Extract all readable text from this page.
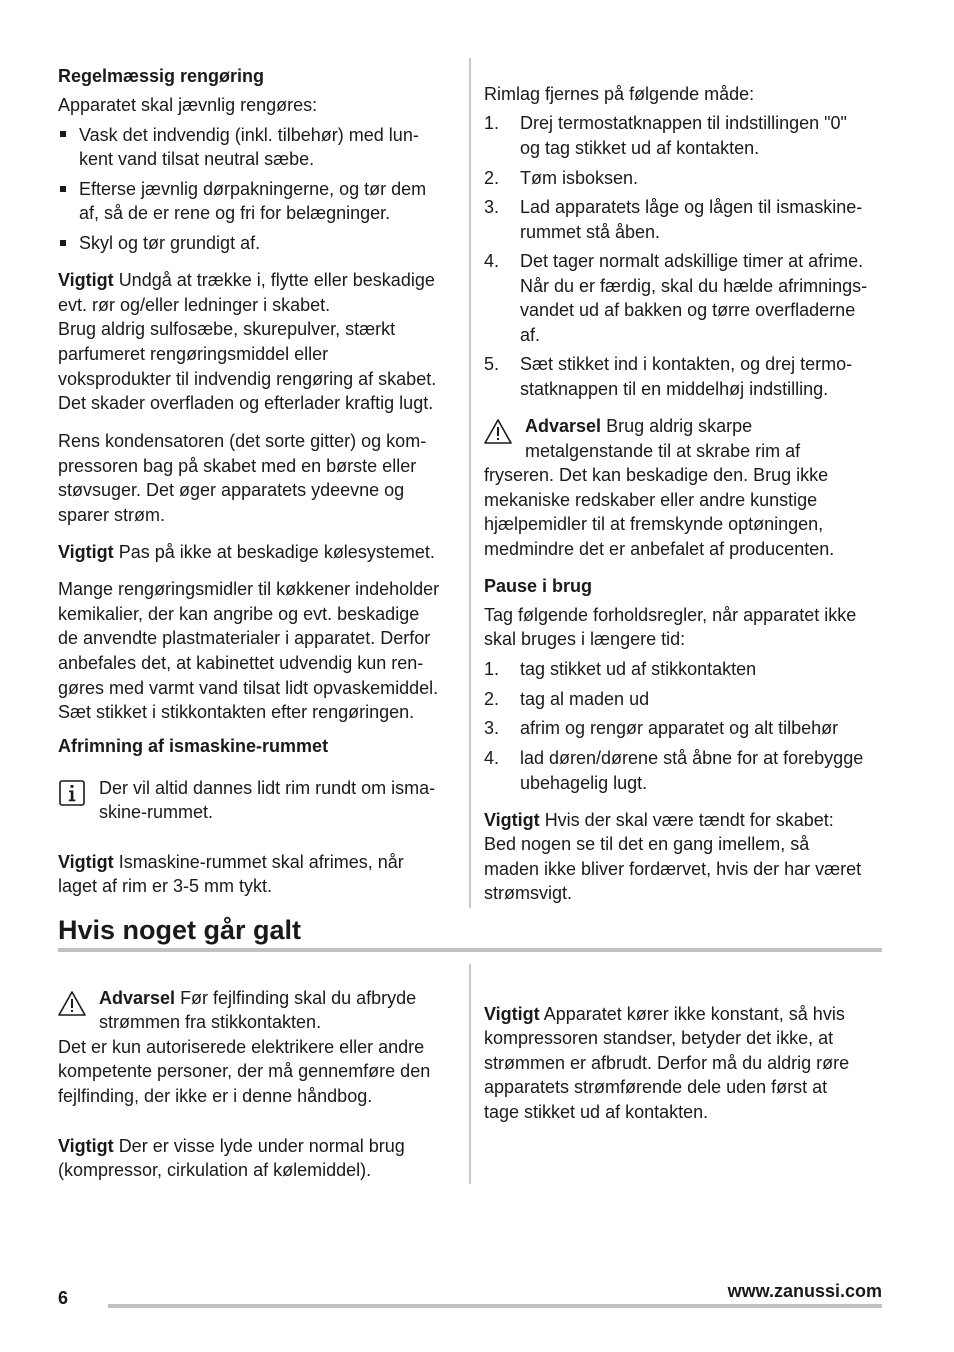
Regelmæssig rengøring
Apparatet skal jævnlig rengøres:
Vask det indvendig (inkl. tilbehør) med lun-
kent vand tilsat neutral sæbe.
Efterse jævnlig dørpakningerne, og tør dem
af, så de er rene og fri for belægninger.
Skyl og tør grundigt af.
Vigtigt Undgå at trække i, flytte eller beskadige
evt. rør og/eller ledninger i skabet.
Brug aldrig sulfosæbe, skurepulver, stærkt
parfumeret rengøringsmiddel eller
voksprodukter til indvendig rengøring af skabet.
Det skader overfladen og efterlader kraftig lugt.
Rens kondensatoren (det sorte gitter) og kom-
pressoren bag på skabet med en børste eller
støvsuger. Det øger apparatets ydeevne og
sparer strøm.
Vigtigt Pas på ikke at beskadige kølesystemet.
Mange rengøringsmidler til køkkener indeholder
kemikalier, der kan angribe og evt. beskadige
de anvendte plastmaterialer i apparatet. Derfor
anbefales det, at kabinettet udvendig kun ren-
gøres med varmt vand tilsat lidt opvaskemiddel.
Sæt stikket i stikkontakten efter rengøringen.
Afrimning af ismaskine-rummet
Der vil altid dannes lidt rim rundt om isma-
skine-rummet.
Vigtigt Ismaskine-rummet skal afrimes, når
laget af rim er 3-5 mm tykt.
Rimlag fjernes på følgende måde:
1. Drej termostatknappen til indstillingen "0"
og tag stikket ud af kontakten.
2. Tøm isboksen.
3. Lad apparatets låge og lågen til ismaskine-
rummet stå åben.
4. Det tager normalt adskillige timer at afrime.
Når du er færdig, skal du hælde afrimnings-
vandet ud af bakken og tørre overfladerne
af.
5. Sæt stikket ind i kontakten, og drej termo-
statknappen til en middelhøj indstilling.
Advarsel Brug aldrig skarpe
metalgenstande til at skrabe rim af
fryseren. Det kan beskadige den. Brug ikke
mekaniske redskaber eller andre kunstige
hjælpemidler til at fremskynde optøningen,
medmindre det er anbefalet af producenten.
Pause i brug
Tag følgende forholdsregler, når apparatet ikke
skal bruges i længere tid:
1. tag stikket ud af stikkontakten
2. tag al maden ud
3. afrim og rengør apparatet og alt tilbehør
4. lad døren/dørene stå åbne for at forebygge
ubehagelig lugt.
Vigtigt Hvis der skal være tændt for skabet:
Bed nogen se til det en gang imellem, så
maden ikke bliver fordærvet, hvis der har været
strømsvigt.
Hvis noget går galt
Advarsel Før fejlfinding skal du afbryde
strømmen fra stikkontakten.
Det er kun autoriserede elektrikere eller andre
kompetente personer, der må gennemføre den
fejlfinding, der ikke er i denne håndbog.
Vigtigt Der er visse lyde under normal brug
(kompressor, cirkulation af kølemiddel).
Vigtigt Apparatet kører ikke konstant, så hvis
kompressoren standser, betyder det ikke, at
strømmen er afbrudt. Derfor må du aldrig røre
apparatets strømførende dele uden først at
tage stikket ud af kontakten.
6	www.zanussi.com
